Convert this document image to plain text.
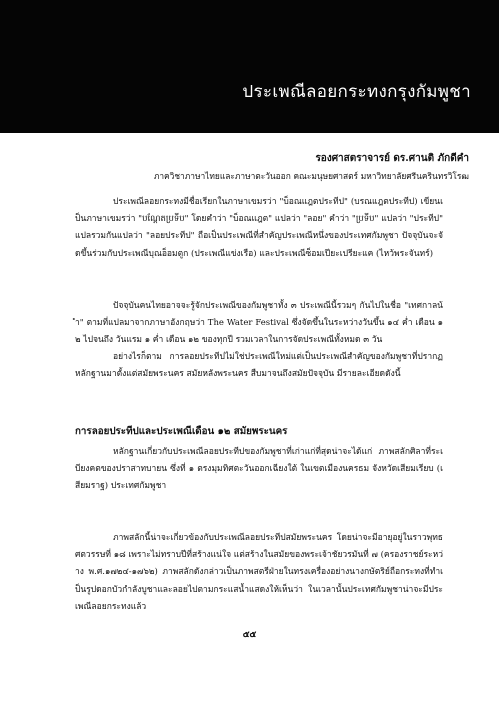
ประเพณีลอยกระทงกรุงกัมพูชา
รองศาสตราจารย์ ดร.ศานติ ภักดีคำ
ภาควิชาภาษาไทยและภาษาตะวันออก คณะมนุษยศาสตร์ มหาวิทยาลัยศรีนครินทรวิโรฒ
ประเพณีลอยกระทงมีชื่อเรียกในภาษาเขมรว่า "บ็อณแฎตประทีป" (บรณแฎตประทีป) เขียนเป็นภาษาเขมรว่า "បណ្ដែតប្រទីប" โดยคำว่า "บ็อณแฎต" แปลว่า "ลอย" คำว่า "ប្រទីប" แปลว่า "ประทีป" แปลรวมกันแปลว่า "ลอยประทีป" ถือเป็นประเพณีที่สำคัญประเพณีหนึ่งของประเทศกัมพูชา ปัจจุบันจะจัดขึ้นร่วมกับประเพณีบุณอ็อมตูก (ประเพณีแข่งเรือ) และประเพณีซ็อมเปียะเปรียะแค (ไหว้พระจันทร์)
ปัจจุบันคนไทยอาจจะรู้จักประเพณีของกัมพูชาทั้ง ๓ ประเพณีนี้รวมๆ กันไปในชื่อ "เทศกาลน้ำ" ตามที่แปลมาจากภาษาอังกฤษว่า The Water Festival ซึ่งจัดขึ้นในระหว่างวันขึ้น ๑๔ ค่ำ เดือน ๑๒ ไปจนถึง วันแรม ๑ ค่ำ เดือน ๑๒ ของทุกปี รวมเวลาในการจัดประเพณีทั้งหมด ๓ วัน
อย่างไรก็ตาม การลอยประทีปไม่ใช่ประเพณีใหม่แต่เป็นประเพณีสำคัญของกัมพูชาที่ปรากฏหลักฐานมาตั้งแต่สมัยพระนคร สมัยหลังพระนคร สืบมาจนถึงสมัยปัจจุบัน มีรายละเอียดดังนี้
การลอยประทีปและประเพณีเดือน ๑๒ สมัยพระนคร
หลักฐานเกี่ยวกับประเพณีลอยประทีปของกัมพูชาที่เก่าแก่ที่สุดน่าจะได้แก่ ภาพสลักศิลาที่ระเบียงคตของปราสาทบายน ซึ่งที่ ๑ ตรงมุมทิศตะวันออกเฉียงใต้ ในเขตเมืองนครธม จังหวัดเสียมเรียบ (เสียมราฐ) ประเทศกัมพูชา
ภาพสลักนี้น่าจะเกี่ยวข้องกับประเพณีลอยประทีปสมัยพระนคร โดยน่าจะมีอายุอยู่ในราวพุทธศตวรรษที่ ๑๘ เพราะไม่ทราบปีที่สร้างแน่ใจ แต่สร้างในสมัยของพระเจ้าชัยวรมันที่ ๗ (ครองราชย์ระหว่าง พ.ศ.๑๗๒๔-๑๗๖๒) ภาพสลักดังกล่าวเป็นภาพสตรีฝ่ายในทรงเครื่องอย่างนางกษัตริย์ถือกระทงที่ทำเป็นรูปดอกบัวกำลังบูชาและลอยไปตามกระแสน้ำแสดงให้เห็นว่า ในเวลานั้นประเทศกัมพูชาน่าจะมีประเพณีลอยกระทงแล้ว
๕๕
